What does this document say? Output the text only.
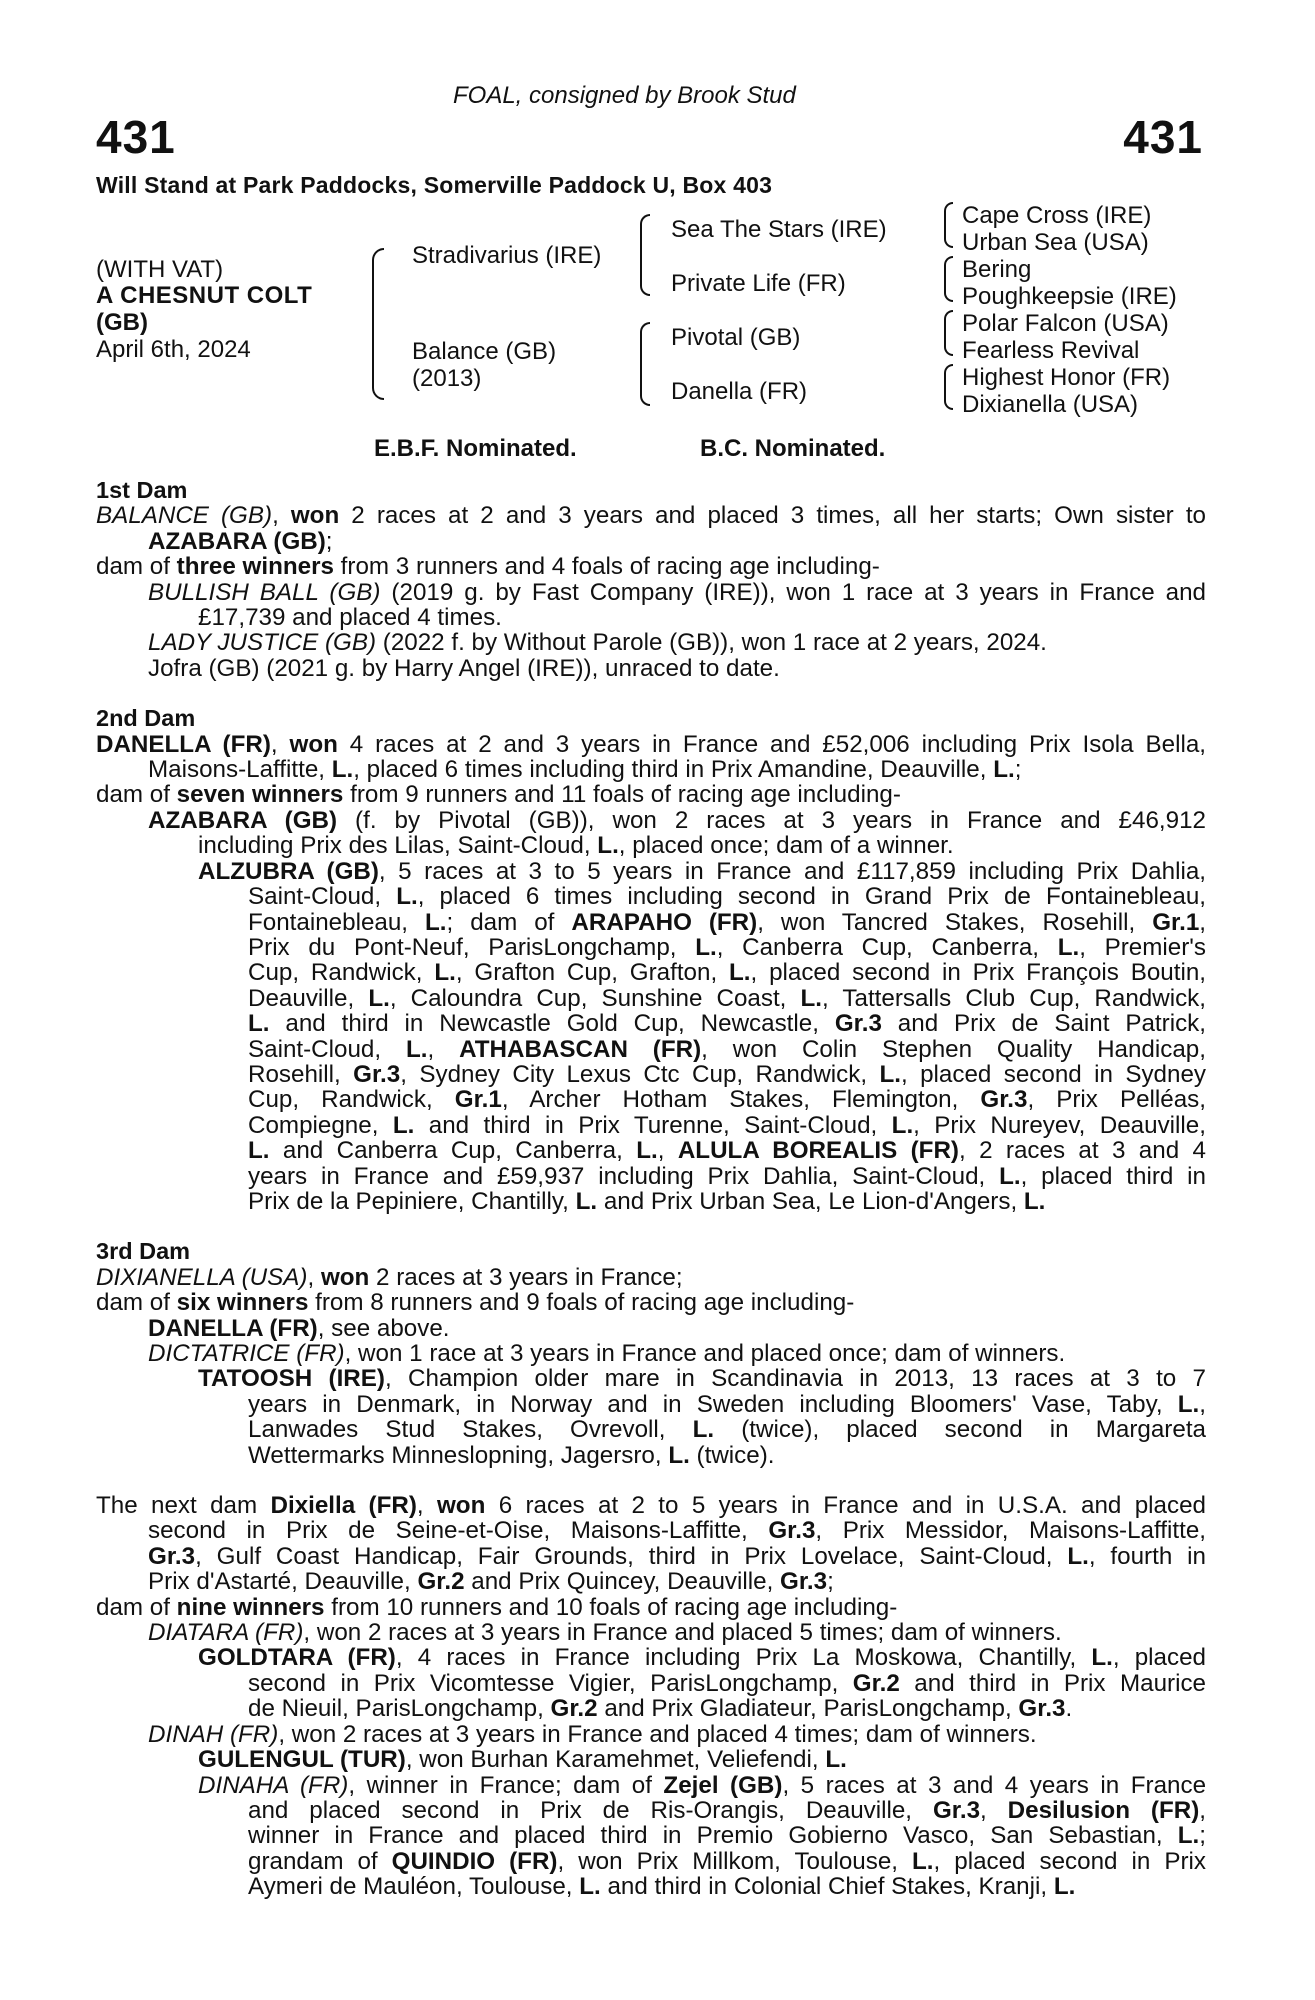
431	431
FOAL, consigned by Brook Stud
Will Stand at Park Paddocks, Somerville Paddock U, Box 403
(WITH VAT)
A CHESNUT COLT
(GB)
April 6th, 2024
Stradivarius (IRE)
Balance (GB)
(2013)
Sea The Stars (IRE)
Private Life (FR)
Pivotal (GB)
Danella (FR)
Cape Cross (IRE)
Urban Sea (USA)
Bering
Poughkeepsie (IRE)
Polar Falcon (USA)
Fearless Revival
Highest Honor (FR)
Dixianella (USA)
E.B.F. Nominated.	B.C. Nominated.
1st Dam
BALANCE (GB), won 2 races at 2 and 3 years and placed 3 times, all her starts; Own sister to
AZABARA (GB);
dam of three winners from 3 runners and 4 foals of racing age including-
BULLISH BALL (GB) (2019 g. by Fast Company (IRE)), won 1 race at 3 years in France and
£17,739 and placed 4 times.
LADY JUSTICE (GB) (2022 f. by Without Parole (GB)), won 1 race at 2 years, 2024.
Jofra (GB) (2021 g. by Harry Angel (IRE)), unraced to date.
2nd Dam
DANELLA (FR), won 4 races at 2 and 3 years in France and £52,006 including Prix Isola Bella,
Maisons-Laffitte, L., placed 6 times including third in Prix Amandine, Deauville, L.;
dam of seven winners from 9 runners and 11 foals of racing age including-
AZABARA (GB) (f. by Pivotal (GB)), won 2 races at 3 years in France and £46,912
including Prix des Lilas, Saint-Cloud, L., placed once; dam of a winner.
ALZUBRA (GB), 5 races at 3 to 5 years in France and £117,859 including Prix Dahlia,
Saint-Cloud, L., placed 6 times including second in Grand Prix de Fontainebleau,
Fontainebleau, L.; dam of ARAPAHO (FR), won Tancred Stakes, Rosehill, Gr.1,
Prix du Pont-Neuf, ParisLongchamp, L., Canberra Cup, Canberra, L., Premier's
Cup, Randwick, L., Grafton Cup, Grafton, L., placed second in Prix François Boutin,
Deauville, L., Caloundra Cup, Sunshine Coast, L., Tattersalls Club Cup, Randwick,
L. and third in Newcastle Gold Cup, Newcastle, Gr.3 and Prix de Saint Patrick,
Saint-Cloud, L., ATHABASCAN (FR), won Colin Stephen Quality Handicap,
Rosehill, Gr.3, Sydney City Lexus Ctc Cup, Randwick, L., placed second in Sydney
Cup, Randwick, Gr.1, Archer Hotham Stakes, Flemington, Gr.3, Prix Pelléas,
Compiegne, L. and third in Prix Turenne, Saint-Cloud, L., Prix Nureyev, Deauville,
L. and Canberra Cup, Canberra, L., ALULA BOREALIS (FR), 2 races at 3 and 4
years in France and £59,937 including Prix Dahlia, Saint-Cloud, L., placed third in
Prix de la Pepiniere, Chantilly, L. and Prix Urban Sea, Le Lion-d'Angers, L.
3rd Dam
DIXIANELLA (USA), won 2 races at 3 years in France;
dam of six winners from 8 runners and 9 foals of racing age including-
DANELLA (FR), see above.
DICTATRICE (FR), won 1 race at 3 years in France and placed once; dam of winners.
TATOOSH (IRE), Champion older mare in Scandinavia in 2013, 13 races at 3 to 7
years in Denmark, in Norway and in Sweden including Bloomers' Vase, Taby, L.,
Lanwades Stud Stakes, Ovrevoll, L. (twice), placed second in Margareta
Wettermarks Minneslopning, Jagersro, L. (twice).
The next dam Dixiella (FR), won 6 races at 2 to 5 years in France and in U.S.A. and placed
second in Prix de Seine-et-Oise, Maisons-Laffitte, Gr.3, Prix Messidor, Maisons-Laffitte,
Gr.3, Gulf Coast Handicap, Fair Grounds, third in Prix Lovelace, Saint-Cloud, L., fourth in
Prix d'Astarté, Deauville, Gr.2 and Prix Quincey, Deauville, Gr.3;
dam of nine winners from 10 runners and 10 foals of racing age including-
DIATARA (FR), won 2 races at 3 years in France and placed 5 times; dam of winners.
GOLDTARA (FR), 4 races in France including Prix La Moskowa, Chantilly, L., placed
second in Prix Vicomtesse Vigier, ParisLongchamp, Gr.2 and third in Prix Maurice
de Nieuil, ParisLongchamp, Gr.2 and Prix Gladiateur, ParisLongchamp, Gr.3.
DINAH (FR), won 2 races at 3 years in France and placed 4 times; dam of winners.
GULENGUL (TUR), won Burhan Karamehmet, Veliefendi, L.
DINAHA (FR), winner in France; dam of Zejel (GB), 5 races at 3 and 4 years in France
and placed second in Prix de Ris-Orangis, Deauville, Gr.3, Desilusion (FR),
winner in France and placed third in Premio Gobierno Vasco, San Sebastian, L.;
grandam of QUINDIO (FR), won Prix Millkom, Toulouse, L., placed second in Prix
Aymeri de Mauléon, Toulouse, L. and third in Colonial Chief Stakes, Kranji, L.
